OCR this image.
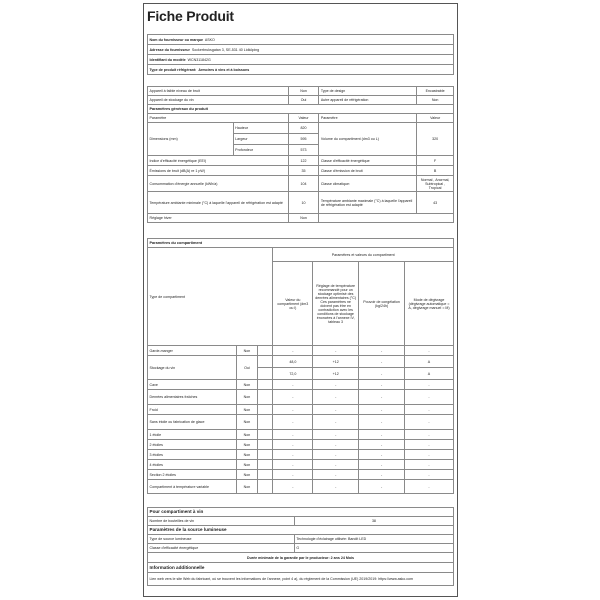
Fiche Produit
Nom du fournisseur ou marque ASKO
Adresse du fournisseur Sockerbruksgatan 3, SE-531 40 Lidköping
Identifiant du modèle WCN311842G
Type de produit réfrigérant: Armoires à vins et à boissons
Appareil à faible niveau de bruit		Non	Type de design	Encastrable
Appareil de stockage du vin		Oui	Autre appareil de réfrigération	Non
Paramètres généraux du produit				
Paramètre		Valeur	Paramètre	Valeur
Dimensions (mm)	Hauteur	820	Volume du compartiment (dm3 ou L)	320
	Largeur	595		
	Profondeur	573		
Indice d'efficacité énergétique (EEI)		122	Classe d'efficacité énergétique	F
Émissions de bruit (dB(A) re 1 pW)		35	Classe d'émission de bruit	B
Consommation d'énergie annuelle (kWh/a)		104	Classe climatique:	Normal , Ancrmal, Subtropical , Tropical
Température ambiante minimale (°C) à laquelle l'appareil de réfrigération est adapté		10	Température ambiante maximale (°C) à laquelle l'appareil de réfrigération est adapté	43
Réglage hiver		Non		
Paramètres du compartiment						
Type de compartiment			Paramètres et valeurs du compartiment			
			Valeur du compartiment (dm3 ou l)	Réglage de température recommandé pour un stockage optimisé des denrées alimentaires (°C) Ces paramètres ne doivent pas être en contradiction avec les conditions de stockage énoncées à l'annexe IV, tableau 3	Pouvoir de congélation (kg/24h)	Mode de dégivrage (dégivrage automatique = A, dégivrage manuel = M)
Garde-manger	Non		-	-	-	-
Stockage du vin	Oui		48,0	+12	-	A
			72,0	+12	-	A
Cave	Non		-	-	-	-
Denrées alimentaires fraîches	Non		-	-	-	-
Froid	Non		-	-	-	-
Sans étoile ou fabrication de glace	Non		-	-	-	-
1 étoile	Non		-	-	-	-
2 étoiles	Non		-	-	-	-
3 étoiles	Non		-	-	-	-
4 étoiles	Non		-	-	-	-
Section 2 étoiles	Non		-	-	-	-
Compartiment à température variable	Non		-	-	-	-
Pour compartiment à vin	
Nombre de bouteilles de vin	38
Paramètres de la source lumineuse	
Type de source lumineuse	Technologie d'éclairage utilisée: Bandit LED
Classe d'efficacité énergétique	G
Durée minimale de la garantie par le producteur: 2 ans 24 Mois	
Information additionnelle	
Lien web vers le site Web du fabricant, où se trouvent les informations de l'annexe, point 4 a), du règlement de la Commission (UE) 2019/2019: https://www.asko.com	
